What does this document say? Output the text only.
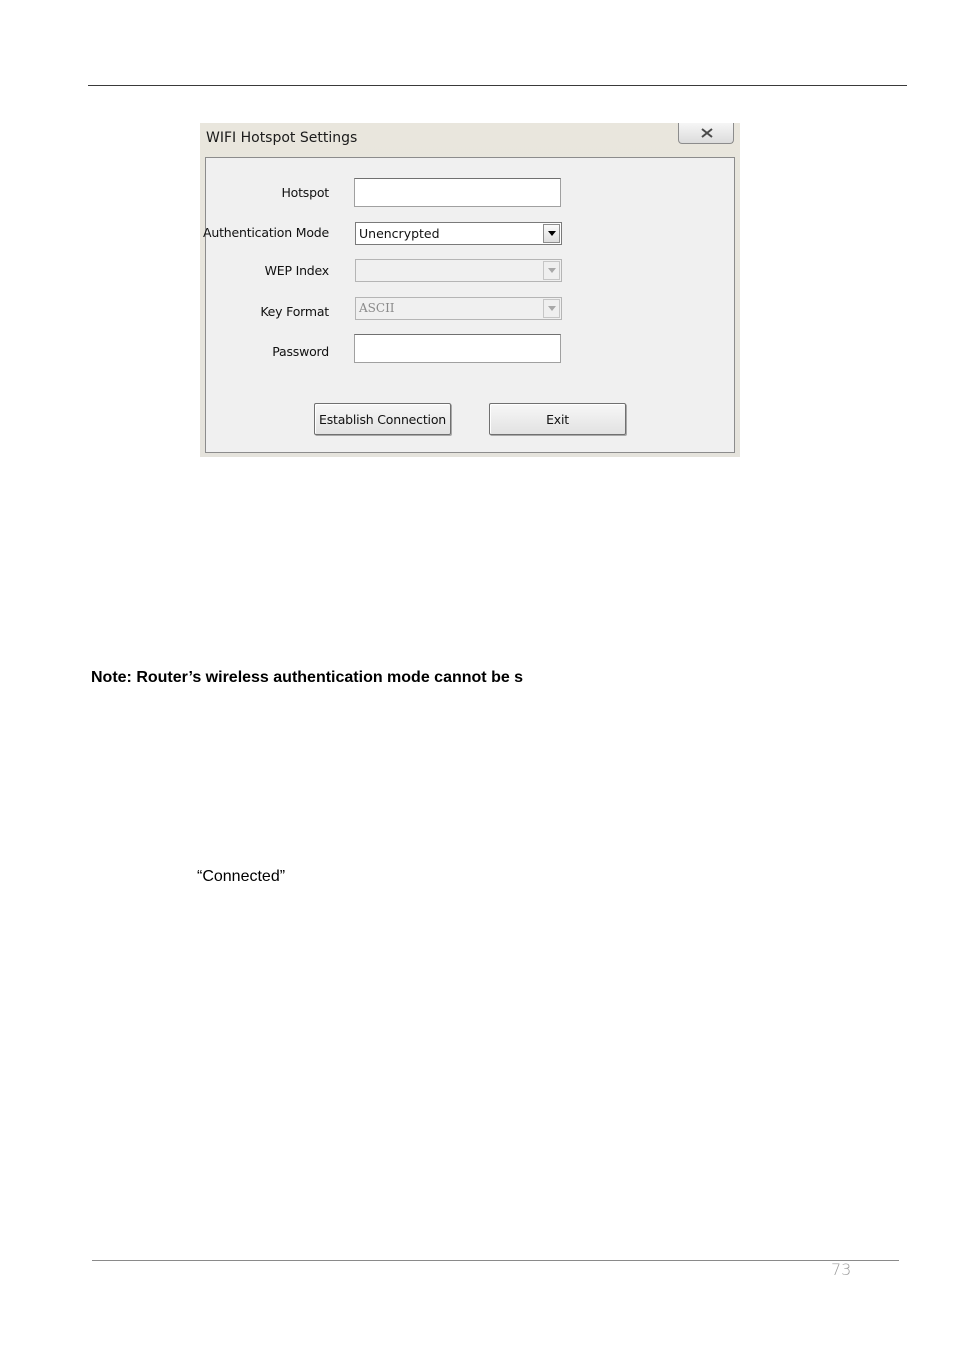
WIFI Hotspot Settings
Hotspot
Authentication Mode Unencrypted
WEP Index
Key Format	ASCII
Password
Establish Connection	Exit
Note: Router’s wireless authentication mode cannot be s
“Connected”
73
